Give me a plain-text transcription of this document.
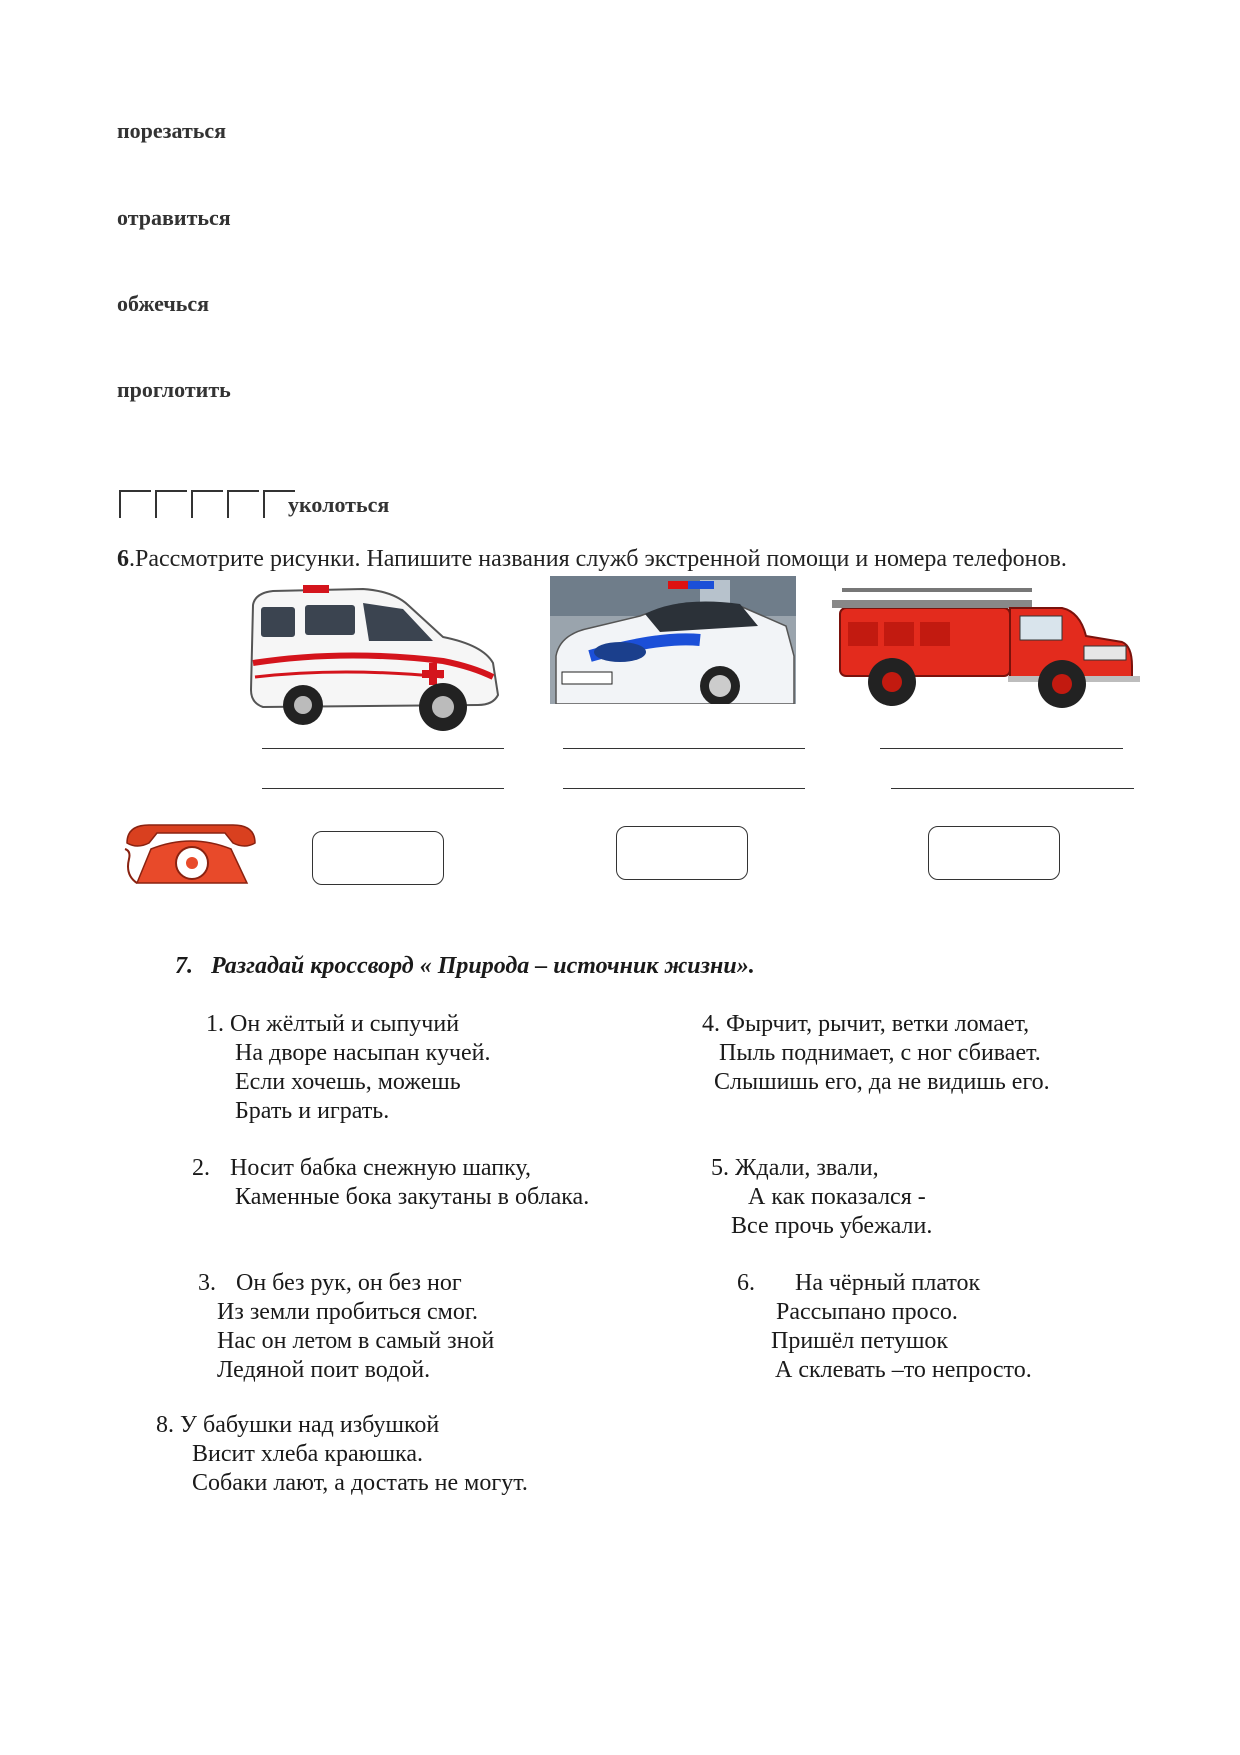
порезаться
отравиться
обжечься
проглотить
уколоться
6.Рассмотрите рисунки. Напишите названия служб экстренной помощи и номера телефонов.
7. Разгадай кроссворд « Природа – источник жизни».
1. Он жёлтый и сыпучий
На дворе насыпан кучей.
Если хочешь, можешь
Брать и играть.
2. Носит бабка снежную шапку,
Каменные бока закутаны в облака.
3. Он без рук, он без ног
Из земли пробиться смог.
Нас он летом в самый зной
Ледяной поит водой.
4. Фырчит, рычит, ветки ломает,
Пыль поднимает, с ног сбивает.
Слышишь его, да не видишь его.
5. Ждали, звали,
А как показался -
Все прочь убежали.
6. На чёрный платок
Рассыпано просо.
Пришёл петушок
А склевать –то непросто.
8. У бабушки над избушкой
Висит хлеба краюшка.
Собаки лают, а достать не могут.
